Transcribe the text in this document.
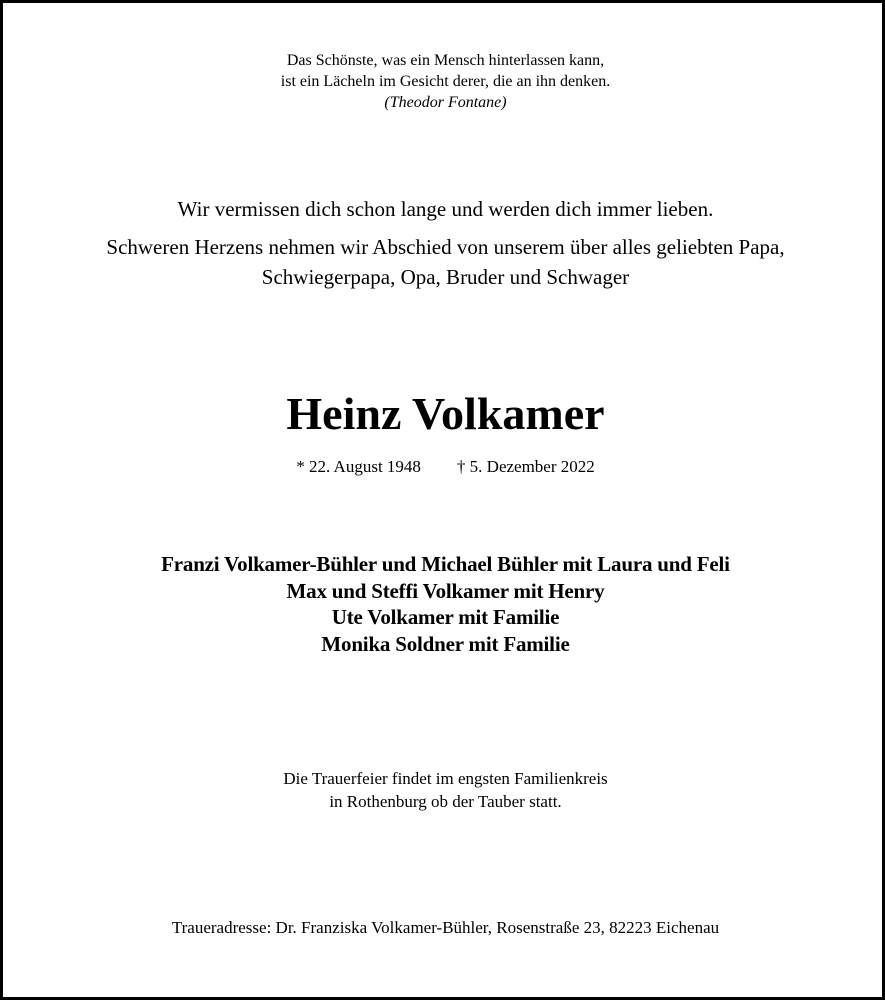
Das Schönste, was ein Mensch hinterlassen kann,
ist ein Lächeln im Gesicht derer, die an ihn denken.
(Theodor Fontane)
Wir vermissen dich schon lange und werden dich immer lieben.
Schweren Herzens nehmen wir Abschied von unserem über alles geliebten Papa,
Schwiegerpapa, Opa, Bruder und Schwager
Heinz Volkamer
* 22. August 1948 † 5. Dezember 2022
Franzi Volkamer-Bühler und Michael Bühler mit Laura und Feli
Max und Steffi Volkamer mit Henry
Ute Volkamer mit Familie
Monika Soldner mit Familie
Die Trauerfeier findet im engsten Familienkreis
in Rothenburg ob der Tauber statt.
Traueradresse: Dr. Franziska Volkamer-Bühler, Rosenstraße 23, 82223 Eichenau
